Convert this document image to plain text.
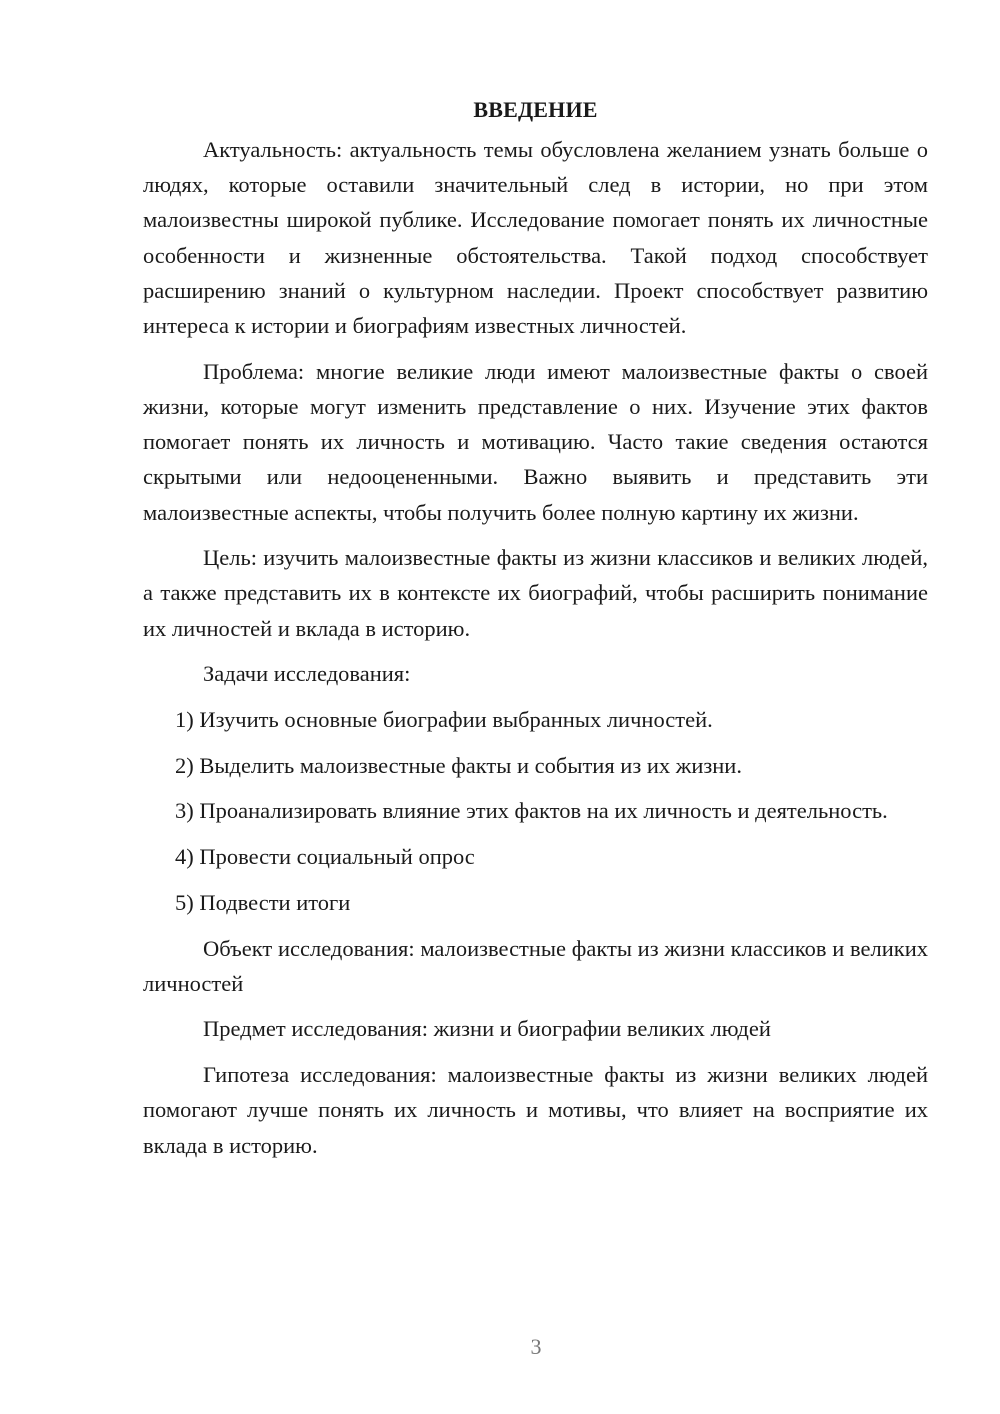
ВВЕДЕНИЕ

Актуальность: актуальность темы обусловлена желанием узнать больше о людях, которые оставили значительный след в истории, но при этом малоизвестны широкой публике. Исследование помогает понять их личностные особенности и жизненные обстоятельства. Такой подход способствует расширению знаний о культурном наследии. Проект способствует развитию интереса к истории и биографиям известных личностей.

Проблема: многие великие люди имеют малоизвестные факты о своей жизни, которые могут изменить представление о них. Изучение этих фактов помогает понять их личность и мотивацию. Часто такие сведения остаются скрытыми или недооцененными. Важно выявить и представить эти малоизвестные аспекты, чтобы получить более полную картину их жизни.

Цель: изучить малоизвестные факты из жизни классиков и великих людей, а также представить их в контексте их биографий, чтобы расширить понимание их личностей и вклада в историю.

Задачи исследования:

1) Изучить основные биографии выбранных личностей.

2) Выделить малоизвестные факты и события из их жизни.

3) Проанализировать влияние этих фактов на их личность и деятельность.

4) Провести социальный опрос

5) Подвести итоги

Объект исследования: малоизвестные факты из жизни классиков и великих личностей

Предмет исследования: жизни и биографии великих людей

Гипотеза исследования: малоизвестные факты из жизни великих людей помогают лучше понять их личность и мотивы, что влияет на восприятие их вклада в историю.

3
